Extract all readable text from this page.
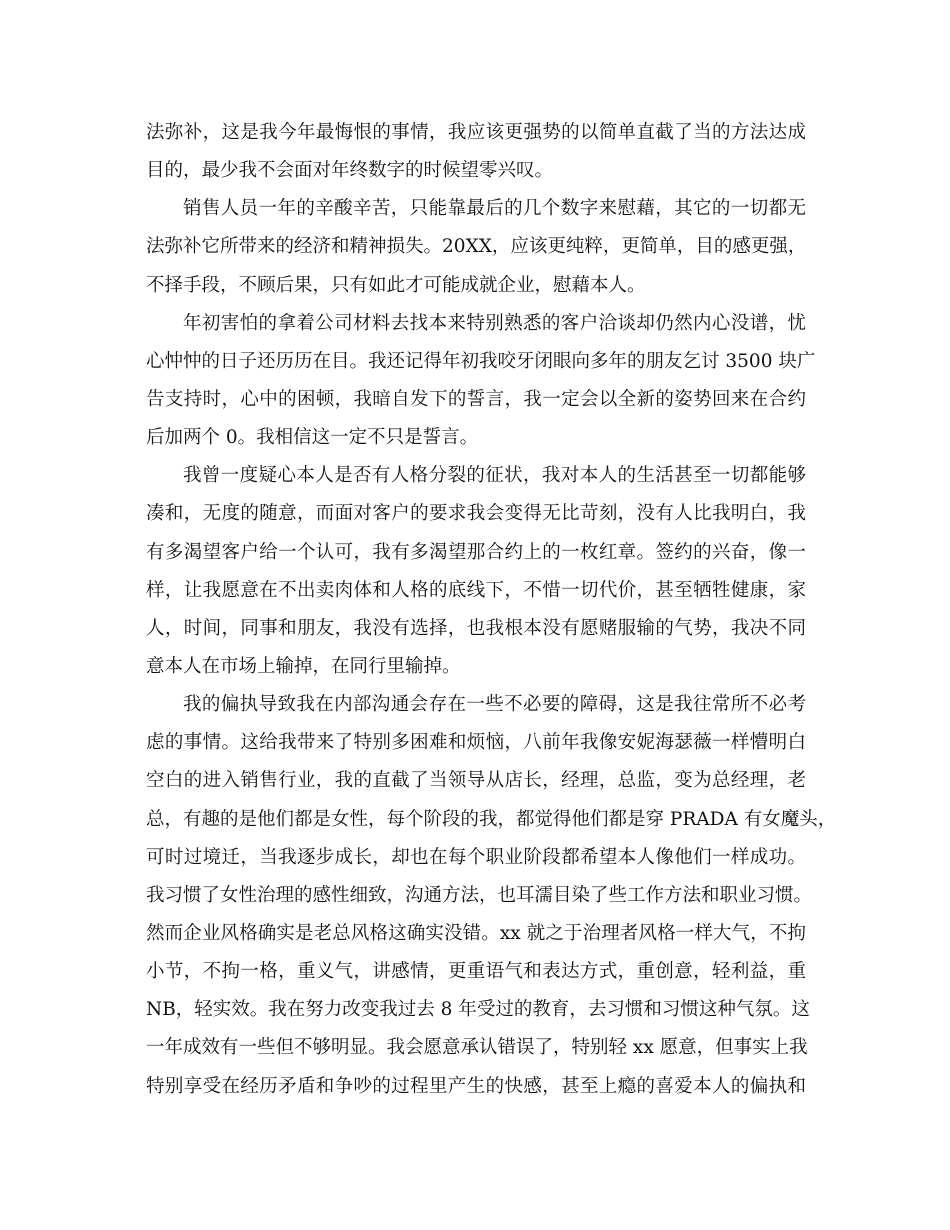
法弥补，这是我今年最悔恨的事情，我应该更强势的以简单直截了当的方法达成
目的，最少我不会面对年终数字的时候望零兴叹。
销售人员一年的辛酸辛苦，只能靠最后的几个数字来慰藉，其它的一切都无
法弥补它所带来的经济和精神损失。20XX，应该更纯粹，更简单，目的感更强，
不择手段，不顾后果，只有如此才可能成就企业，慰藉本人。
年初害怕的拿着公司材料去找本来特别熟悉的客户洽谈却仍然内心没谱，忧
心忡忡的日子还历历在目。我还记得年初我咬牙闭眼向多年的朋友乞讨 3500 块广
告支持时，心中的困顿，我暗自发下的誓言，我一定会以全新的姿势回来在合约
后加两个 0。我相信这一定不只是誓言。
我曾一度疑心本人是否有人格分裂的征状，我对本人的生活甚至一切都能够
凑和，无度的随意，而面对客户的要求我会变得无比苛刻，没有人比我明白，我
有多渴望客户给一个认可，我有多渴望那合约上的一枚红章。签约的兴奋，像一
样，让我愿意在不出卖肉体和人格的底线下，不惜一切代价，甚至牺牲健康，家
人，时间，同事和朋友，我没有选择，也我根本没有愿赌服输的气势，我决不同
意本人在市场上输掉，在同行里输掉。
我的偏执导致我在内部沟通会存在一些不必要的障碍，这是我往常所不必考
虑的事情。这给我带来了特别多困难和烦恼，八前年我像安妮海瑟薇一样懵明白
空白的进入销售行业，我的直截了当领导从店长，经理，总监，变为总经理，老
总，有趣的是他们都是女性，每个阶段的我，都觉得他们都是穿 PRADA 有女魔头，
可时过境迁，当我逐步成长，却也在每个职业阶段都希望本人像他们一样成功。
我习惯了女性治理的感性细致，沟通方法，也耳濡目染了些工作方法和职业习惯。
然而企业风格确实是老总风格这确实没错。xx 就之于治理者风格一样大气，不拘
小节，不拘一格，重义气，讲感情，更重语气和表达方式，重创意，轻利益，重
NB，轻实效。我在努力改变我过去 8 年受过的教育，去习惯和习惯这种气氛。这
一年成效有一些但不够明显。我会愿意承认错误了，特别轻 xx 愿意，但事实上我
特别享受在经历矛盾和争吵的过程里产生的快感，甚至上瘾的喜爱本人的偏执和
